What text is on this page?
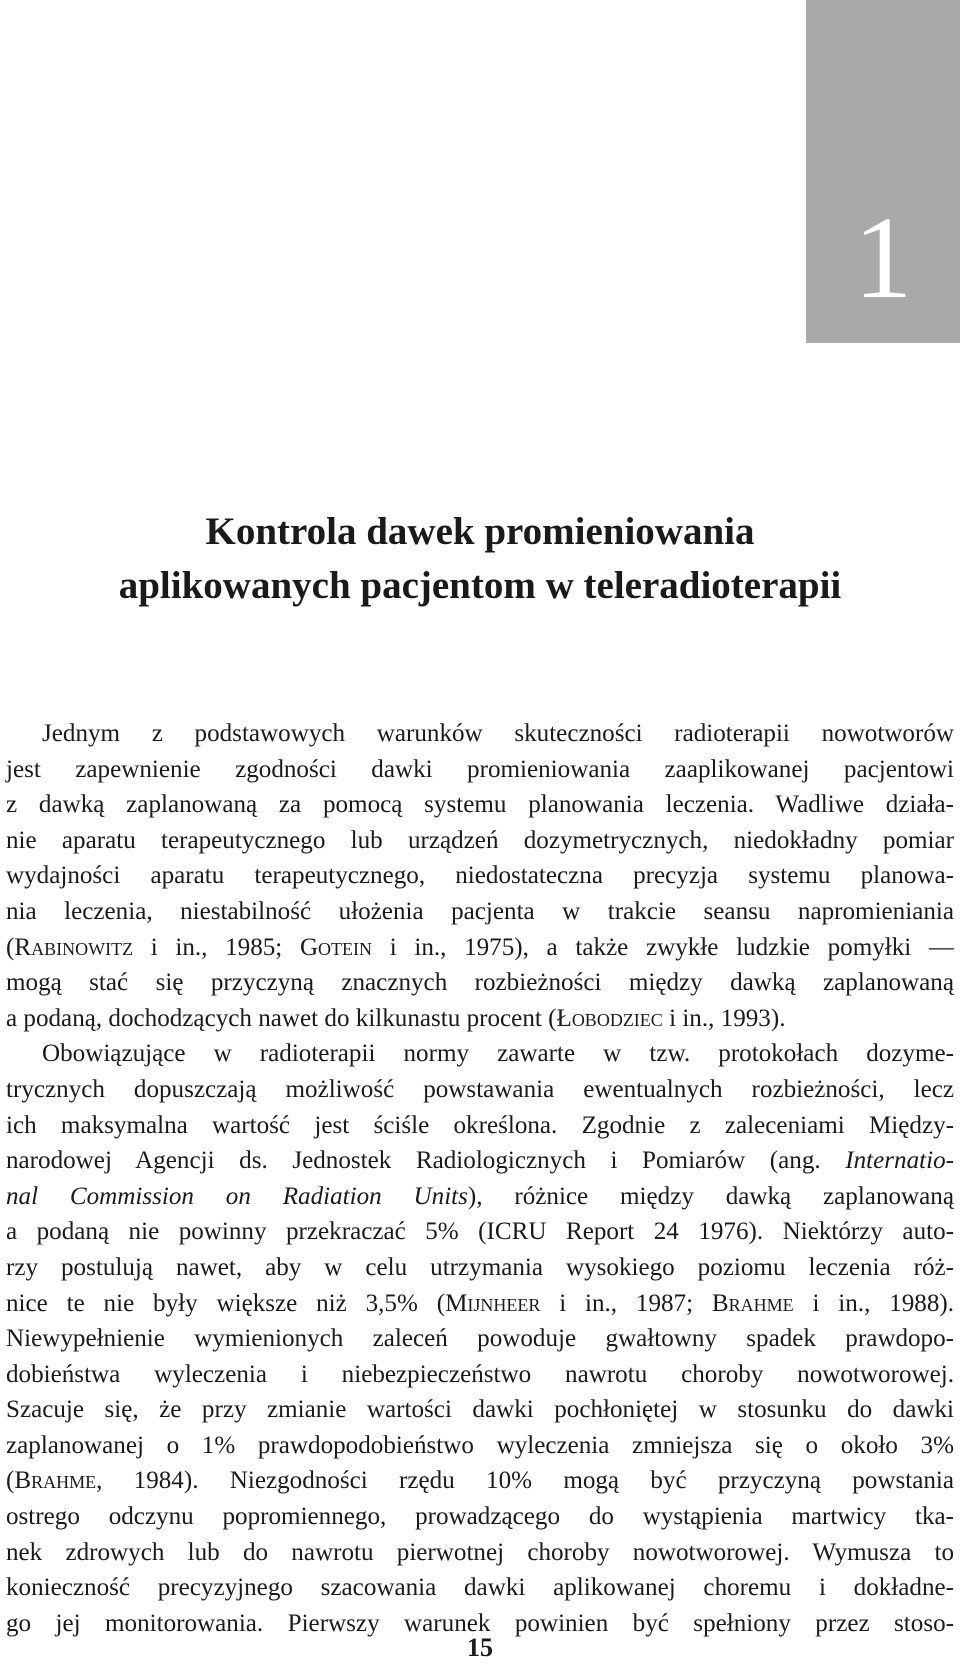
1
Kontrola dawek promieniowania
aplikowanych pacjentom w teleradioterapii
Jednym z podstawowych warunków skuteczności radioterapii nowotworów
jest zapewnienie zgodności dawki promieniowania zaaplikowanej pacjentowi
z dawką zaplanowaną za pomocą systemu planowania leczenia. Wadliwe działa-
nie aparatu terapeutycznego lub urządzeń dozymetrycznych, niedokładny pomiar
wydajności aparatu terapeutycznego, niedostateczna precyzja systemu planowa-
nia leczenia, niestabilność ułożenia pacjenta w trakcie seansu napromieniania
(Rabinowitz i in., 1985; Gotein i in., 1975), a także zwykłe ludzkie pomyłki —
mogą stać się przyczyną znacznych rozbieżności między dawką zaplanowaną
a podaną, dochodzących nawet do kilkunastu procent (Łobodziec i in., 1993).
Obowiązujące w radioterapii normy zawarte w tzw. protokołach dozyme-
trycznych dopuszczają możliwość powstawania ewentualnych rozbieżności, lecz
ich maksymalna wartość jest ściśle określona. Zgodnie z zaleceniami Między-
narodowej Agencji ds. Jednostek Radiologicznych i Pomiarów (ang. Internatio-
nal Commission on Radiation Units), różnice między dawką zaplanowaną
a podaną nie powinny przekraczać 5% (ICRU Report 24 1976). Niektórzy auto-
rzy postulują nawet, aby w celu utrzymania wysokiego poziomu leczenia róż-
nice te nie były większe niż 3,5% (Mijnheer i in., 1987; Brahme i in., 1988).
Niewypełnienie wymienionych zaleceń powoduje gwałtowny spadek prawdopo-
dobieństwa wyleczenia i niebezpieczeństwo nawrotu choroby nowotworowej.
Szacuje się, że przy zmianie wartości dawki pochłoniętej w stosunku do dawki
zaplanowanej o 1% prawdopodobieństwo wyleczenia zmniejsza się o około 3%
(Brahme, 1984). Niezgodności rzędu 10% mogą być przyczyną powstania
ostrego odczynu popromiennego, prowadzącego do wystąpienia martwicy tka-
nek zdrowych lub do nawrotu pierwotnej choroby nowotworowej. Wymusza to
konieczność precyzyjnego szacowania dawki aplikowanej choremu i dokładne-
go jej monitorowania. Pierwszy warunek powinien być spełniony przez stoso-
15
